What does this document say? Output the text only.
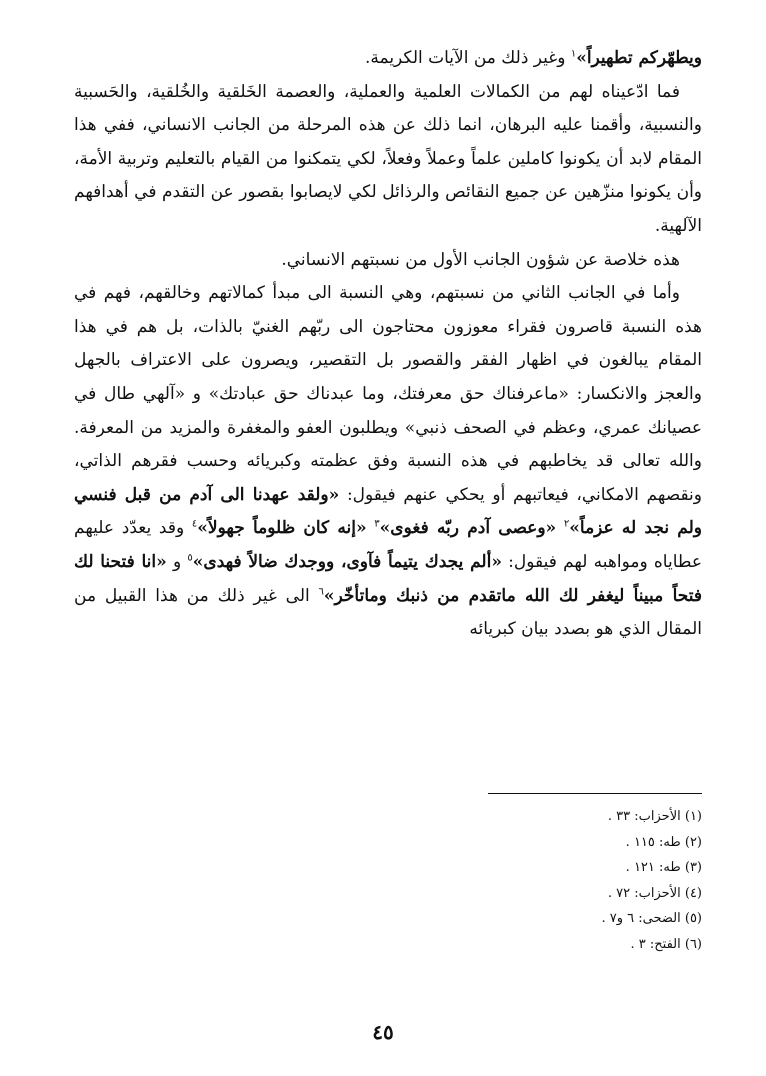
ويطهّركم تطهيراً»$^١$ وغير ذلك من الآيات الكريمة.

فما ادّعيناه لهم من الكمالات العلمية والعملية، والعصمة الخَلقية والخُلقية، والحَسبية والنسبية، وأقمنا عليه البرهان، انما ذلك عن هذه المرحلة من الجانب الانساني، ففي هذا المقام لابد أن يكونوا كاملين علماً وعملاً وفعلاً، لكي يتمكنوا من القيام بالتعليم وتربية الأمة، وأن يكونوا منزّهين عن جميع النقائص والرذائل لكي لايصابوا بقصور عن التقدم في أهدافهم الآلهية.

هذه خلاصة عن شؤون الجانب الأول من نسبتهم الانساني.

وأما في الجانب الثاني من نسبتهم، وهي النسبة الى مبدأ كمالاتهم وخالقهم، فهم في هذه النسبة قاصرون فقراء معوزون محتاجون الى ربّهم الغنيّ بالذات، بل هم في هذا المقام يبالغون في اظهار الفقر والقصور بل التقصير، ويصرون على الاعتراف بالجهل والعجز والانكسار: «ماعرفناك حق معرفتك، وما عبدناك حق عبادتك» و «آلهي طال في عصيانك عمري، وعظم في الصحف ذنبي» ويطلبون العفو والمغفرة والمزيد من المعرفة. والله تعالى قد يخاطبهم في هذه النسبة وفق عظمته وكبريائه وحسب فقرهم الذاتي، ونقصهم الامكاني، فيعاتبهم أو يحكي عنهم فيقول: «ولقد عهدنا الى آدم من قبل فنسي ولم نجد له عزماً»$^٢$ «وعصى آدم ربّه فغوى»$^٣$ «إنه كان ظلوماً جهولاً»$^٤$ وقد يعدّد عليهم عطاياه ومواهبه لهم فيقول: «ألم يجدك يتيماً فآوى، ووجدك ضالاً فهدى»$^٥$ و «انا فتحنا لك فتحاً مبيناً ليغفر لك الله ماتقدم من ذنبك وماتأخّر»$^٦$ الى غير ذلك من هذا القبيل من المقال الذي هو بصدد بيان كبريائه

(١) الأحزاب: ٣٣ .
(٢) طه: ١١٥ .
(٣) طه: ١٢١ .
(٤) الأحزاب: ٧٢ .
(٥) الضحى: ٦ و٧ .
(٦) الفتح: ٣ .
٤٥
